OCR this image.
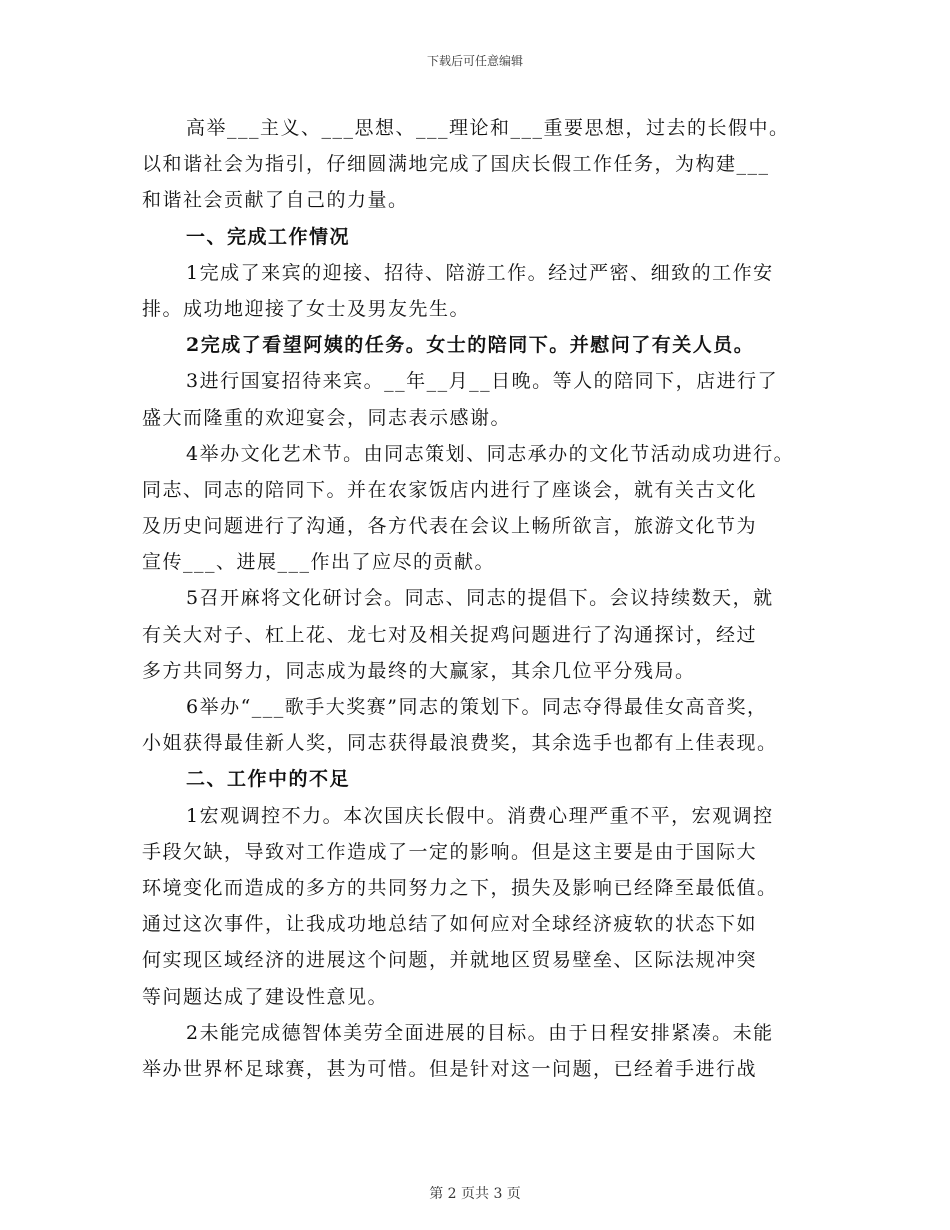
下载后可任意编辑
高举___主义、___思想、___理论和___重要思想，过去的长假中。
以和谐社会为指引，仔细圆满地完成了国庆长假工作任务，为构建___
和谐社会贡献了自己的力量。
一、完成工作情况
1完成了来宾的迎接、招待、陪游工作。经过严密、细致的工作安
排。成功地迎接了女士及男友先生。
2完成了看望阿姨的任务。女士的陪同下。并慰问了有关人员。
3进行国宴招待来宾。__年__月__日晚。等人的陪同下，店进行了
盛大而隆重的欢迎宴会，同志表示感谢。
4举办文化艺术节。由同志策划、同志承办的文化节活动成功进行。
同志、同志的陪同下。并在农家饭店内进行了座谈会，就有关古文化
及历史问题进行了沟通，各方代表在会议上畅所欲言，旅游文化节为
宣传___、进展___作出了应尽的贡献。
5召开麻将文化研讨会。同志、同志的提倡下。会议持续数天，就
有关大对子、杠上花、龙七对及相关捉鸡问题进行了沟通探讨，经过
多方共同努力，同志成为最终的大赢家，其余几位平分残局。
6举办“___歌手大奖赛”同志的策划下。同志夺得最佳女高音奖，
小姐获得最佳新人奖，同志获得最浪费奖，其余选手也都有上佳表现。
二、工作中的不足
1宏观调控不力。本次国庆长假中。消费心理严重不平，宏观调控
手段欠缺，导致对工作造成了一定的影响。但是这主要是由于国际大
环境变化而造成的多方的共同努力之下，损失及影响已经降至最低值。
通过这次事件，让我成功地总结了如何应对全球经济疲软的状态下如
何实现区域经济的进展这个问题，并就地区贸易壁垒、区际法规冲突
等问题达成了建设性意见。
2未能完成德智体美劳全面进展的目标。由于日程安排紧凑。未能
举办世界杯足球赛，甚为可惜。但是针对这一问题，已经着手进行战
第 2 页共 3 页
